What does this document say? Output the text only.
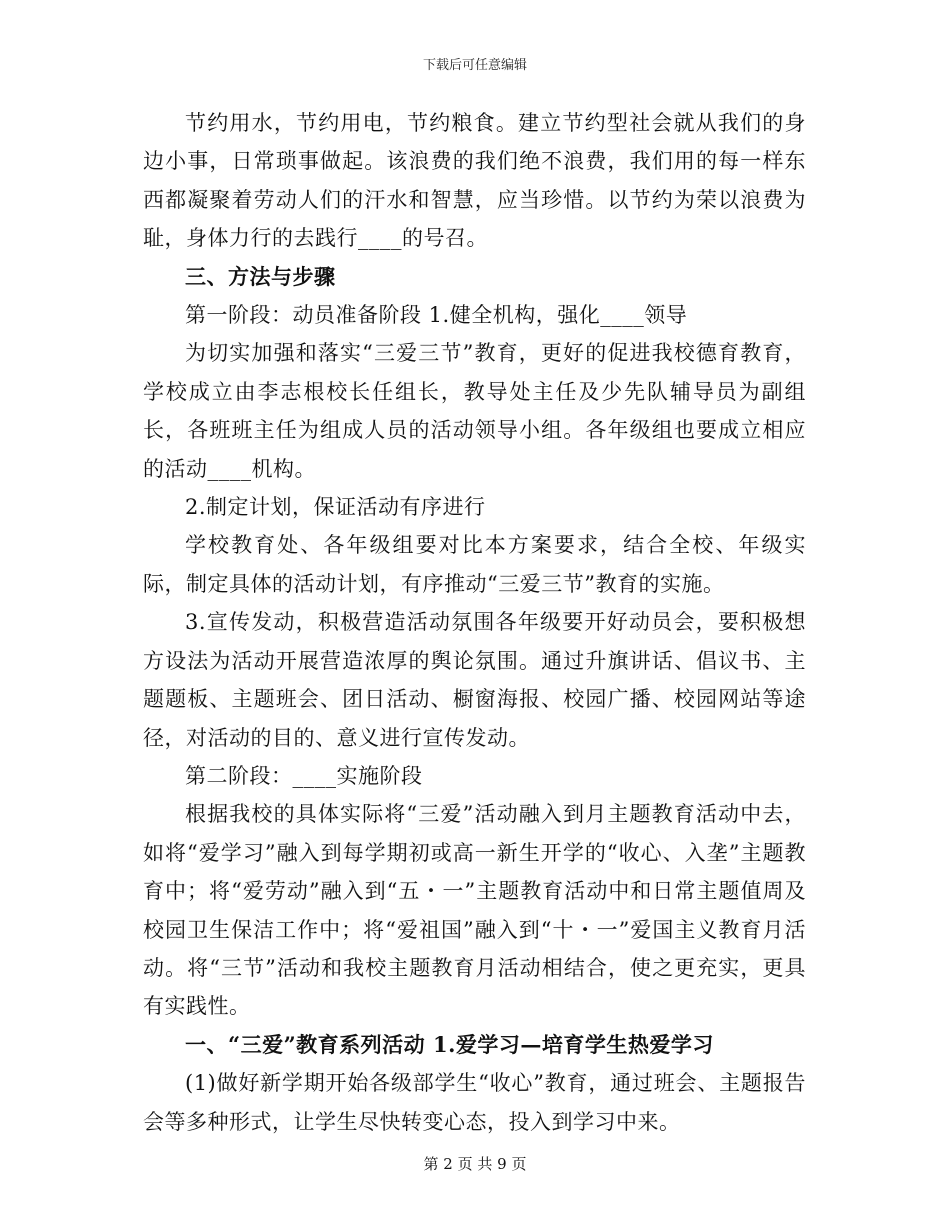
下载后可任意编辑

节约用水，节约用电，节约粮食。建立节约型社会就从我们的身边小事，日常琐事做起。该浪费的我们绝不浪费，我们用的每一样东西都凝聚着劳动人们的汗水和智慧，应当珍惜。以节约为荣以浪费为耻，身体力行的去践行____的号召。

三、方法与步骤

第一阶段：动员准备阶段 1.健全机构，强化____领导

为切实加强和落实“三爱三节”教育，更好的促进我校德育教育，学校成立由李志根校长任组长，教导处主任及少先队辅导员为副组长，各班班主任为组成人员的活动领导小组。各年级组也要成立相应的活动____机构。

2.制定计划，保证活动有序进行

学校教育处、各年级组要对比本方案要求，结合全校、年级实际，制定具体的活动计划，有序推动“三爱三节”教育的实施。

3.宣传发动，积极营造活动氛围各年级要开好动员会，要积极想方设法为活动开展营造浓厚的舆论氛围。通过升旗讲话、倡议书、主题题板、主题班会、团日活动、橱窗海报、校园广播、校园网站等途径，对活动的目的、意义进行宣传发动。

第二阶段：____实施阶段

根据我校的具体实际将“三爱”活动融入到月主题教育活动中去，如将“爱学习”融入到每学期初或高一新生开学的“收心、入垄”主题教育中；将“爱劳动”融入到“五・一”主题教育活动中和日常主题值周及校园卫生保洁工作中；将“爱祖国”融入到“十・一”爱国主义教育月活动。将“三节”活动和我校主题教育月活动相结合，使之更充实，更具有实践性。

一、“三爱”教育系列活动 1.爱学习—培育学生热爱学习

(1)做好新学期开始各级部学生“收心”教育，通过班会、主题报告会等多种形式，让学生尽快转变心态，投入到学习中来。

第 2 页 共 9 页
